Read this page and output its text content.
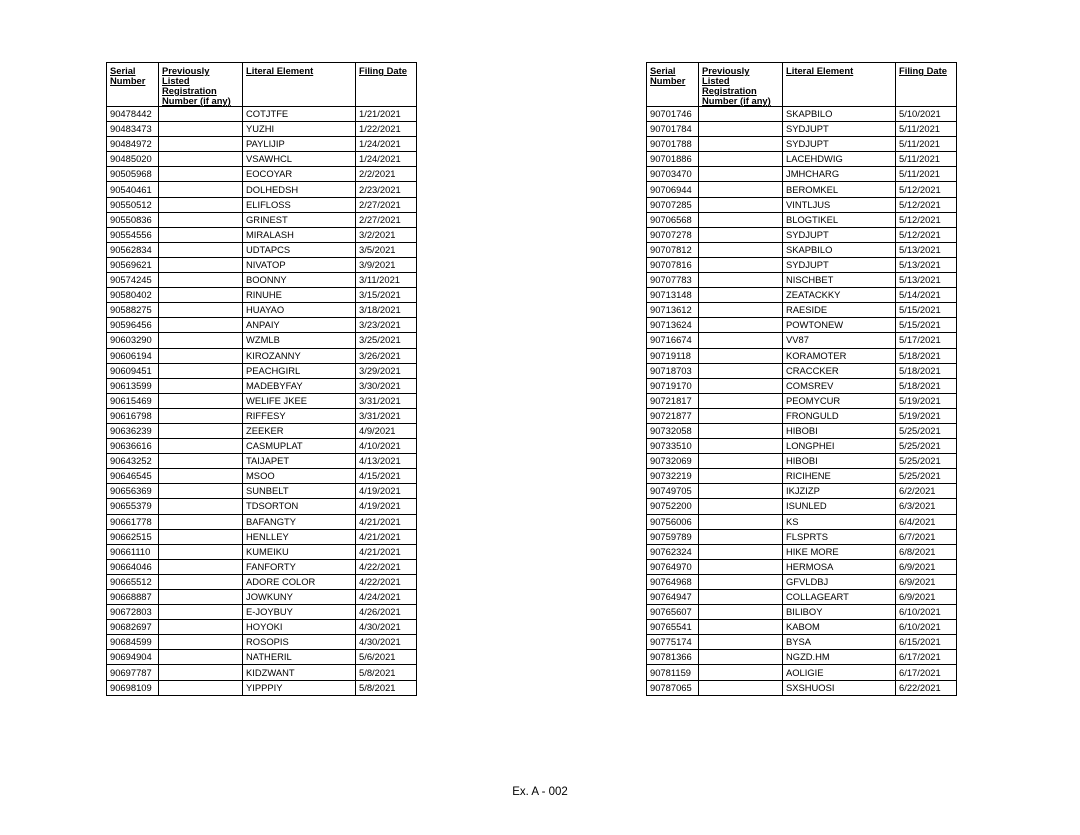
Serial Number	Previously Listed Registration Number (if any)	Literal Element	Filing Date
90478442		COTJTFE	1/21/2021
90483473		YUZHI	1/22/2021
90484972		PAYLIJIP	1/24/2021
90485020		VSAWHCL	1/24/2021
90505968		EOCOYAR	2/2/2021
90540461		DOLHEDSH	2/23/2021
90550512		ELIFLOSS	2/27/2021
90550836		GRINEST	2/27/2021
90554556		MIRALASH	3/2/2021
90562834		UDTAPCS	3/5/2021
90569621		NIVATOP	3/9/2021
90574245		BOONNY	3/11/2021
90580402		RINUHE	3/15/2021
90588275		HUAYAO	3/18/2021
90596456		ANPAIY	3/23/2021
90603290		WZMLB	3/25/2021
90606194		KIROZANNY	3/26/2021
90609451		PEACHGIRL	3/29/2021
90613599		MADEBYFAY	3/30/2021
90615469		WELIFE JKEE	3/31/2021
90616798		RIFFESY	3/31/2021
90636239		ZEEKER	4/9/2021
90636616		CASMUPLAT	4/10/2021
90643252		TAIJAPET	4/13/2021
90646545		MSOO	4/15/2021
90656369		SUNBELT	4/19/2021
90655379		TDSORTON	4/19/2021
90661778		BAFANGTY	4/21/2021
90662515		HENLLEY	4/21/2021
90661110		KUMEIKU	4/21/2021
90664046		FANFORTY	4/22/2021
90665512		ADORE COLOR	4/22/2021
90668887		JOWKUNY	4/24/2021
90672803		E-JOYBUY	4/26/2021
90682697		HOYOKI	4/30/2021
90684599		ROSOPIS	4/30/2021
90694904		NATHERIL	5/6/2021
90697787		KIDZWANT	5/8/2021
90698109		YIPPPIY	5/8/2021
Serial Number	Previously Listed Registration Number (if any)	Literal Element	Filing Date
90701746		SKAPBILO	5/10/2021
90701784		SYDJUPT	5/11/2021
90701788		SYDJUPT	5/11/2021
90701886		LACEHDWIG	5/11/2021
90703470		JMHCHARG	5/11/2021
90706944		BEROMKEL	5/12/2021
90707285		VINTLJUS	5/12/2021
90706568		BLOGTIKEL	5/12/2021
90707278		SYDJUPT	5/12/2021
90707812		SKAPBILO	5/13/2021
90707816		SYDJUPT	5/13/2021
90707783		NISCHBET	5/13/2021
90713148		ZEATACKKY	5/14/2021
90713612		RAESIDE	5/15/2021
90713624		POWTONEW	5/15/2021
90716674		VV87	5/17/2021
90719118		KORAMOTER	5/18/2021
90718703		CRACCKER	5/18/2021
90719170		COMSREV	5/18/2021
90721817		PEOMYCUR	5/19/2021
90721877		FRONGULD	5/19/2021
90732058		HIBOBI	5/25/2021
90733510		LONGPHEI	5/25/2021
90732069		HIBOBI	5/25/2021
90732219		RICIHENE	5/25/2021
90749705		IKJZIZP	6/2/2021
90752200		ISUNLED	6/3/2021
90756006		KS	6/4/2021
90759789		FLSPRTS	6/7/2021
90762324		HIKE MORE	6/8/2021
90764970		HERMOSA	6/9/2021
90764968		GFVLDBJ	6/9/2021
90764947		COLLAGEART	6/9/2021
90765607		BILIBOY	6/10/2021
90765541		KABOM	6/10/2021
90775174		BYSA	6/15/2021
90781366		NGZD.HM	6/17/2021
90781159		AOLIGIE	6/17/2021
90787065		SXSHUOSI	6/22/2021
Ex. A - 002
